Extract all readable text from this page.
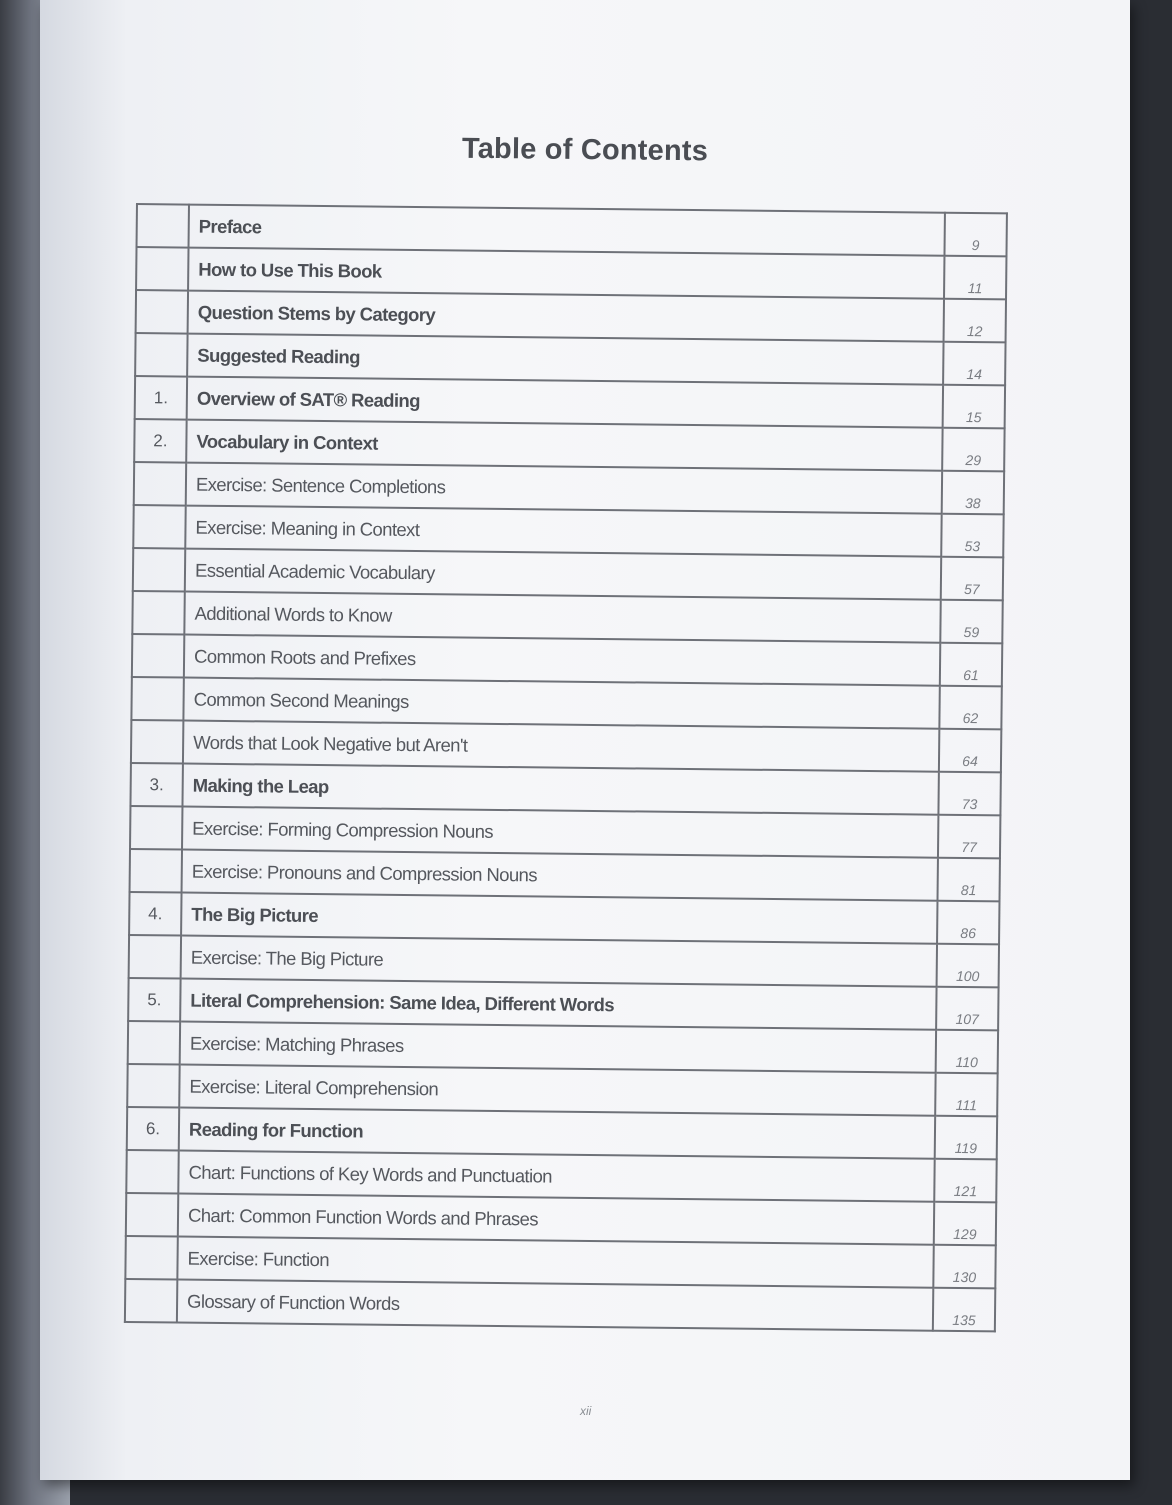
Table of Contents
	Preface	9
	How to Use This Book	11
	Question Stems by Category	12
	Suggested Reading	14
1.	Overview of SAT® Reading	15
2.	Vocabulary in Context	29
	Exercise: Sentence Completions	38
	Exercise: Meaning in Context	53
	Essential Academic Vocabulary	57
	Additional Words to Know	59
	Common Roots and Prefixes	61
	Common Second Meanings	62
	Words that Look Negative but Aren't	64
3.	Making the Leap	73
	Exercise: Forming Compression Nouns	77
	Exercise: Pronouns and Compression Nouns	81
4.	The Big Picture	86
	Exercise: The Big Picture	100
5.	Literal Comprehension: Same Idea, Different Words	107
	Exercise: Matching Phrases	110
	Exercise: Literal Comprehension	111
6.	Reading for Function	119
	Chart: Functions of Key Words and Punctuation	121
	Chart: Common Function Words and Phrases	129
	Exercise: Function	130
	Glossary of Function Words	135
xii
